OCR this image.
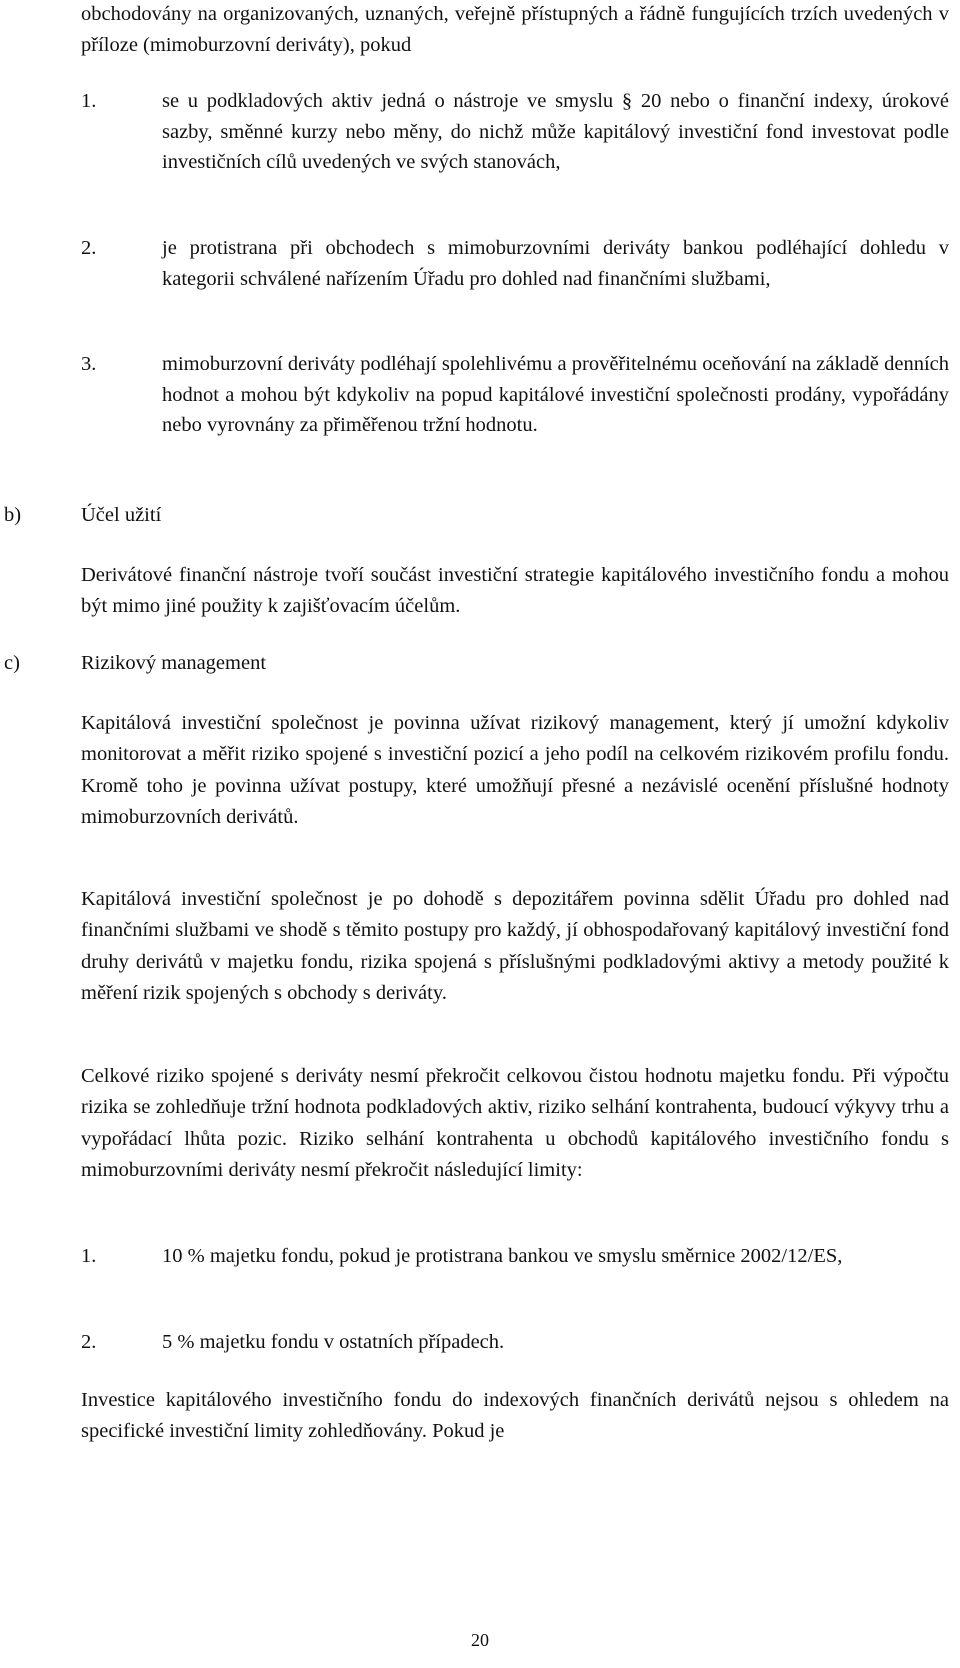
obchodovány na organizovaných, uznaných, veřejně přístupných a řádně fungujících trzích uvedených v příloze (mimoburzovní deriváty), pokud

1.	se u podkladových aktiv jedná o nástroje ve smyslu § 20 nebo o finanční indexy, úrokové sazby, směnné kurzy nebo měny, do nichž může kapitálový investiční fond investovat podle investičních cílů uvedených ve svých stanovách,

2.	je protistrana při obchodech s mimoburzovními deriváty bankou podléhající dohledu v kategorii schválené nařízením Úřadu pro dohled nad finančními službami,

3.	mimoburzovní deriváty podléhají spolehlivému a prověřitelnému oceňování na základě denních hodnot a mohou být kdykoliv na popud kapitálové investiční společnosti prodány, vypořádány nebo vyrovnány za přiměřenou tržní hodnotu.

b)	Účel užití

Derivátové finanční nástroje tvoří součást investiční strategie kapitálového investičního fondu a mohou být mimo jiné použity k zajišťovacím účelům.

c)	Rizikový management

Kapitálová investiční společnost je povinna užívat rizikový management, který jí umožní kdykoliv monitorovat a měřit riziko spojené s investiční pozicí a jeho podíl na celkovém rizikovém profilu fondu. Kromě toho je povinna užívat postupy, které umožňují přesné a nezávislé ocenění příslušné hodnoty mimoburzovních derivátů.

Kapitálová investiční společnost je po dohodě s depozitářem povinna sdělit Úřadu pro dohled nad finančními službami ve shodě s těmito postupy pro každý, jí obhospodařovaný kapitálový investiční fond druhy derivátů v majetku fondu, rizika spojená s příslušnými podkladovými aktivy a metody použité k měření rizik spojených s obchody s deriváty.

Celkové riziko spojené s deriváty nesmí překročit celkovou čistou hodnotu majetku fondu. Při výpočtu rizika se zohledňuje tržní hodnota podkladových aktiv, riziko selhání kontrahenta, budoucí výkyvy trhu a vypořádací lhůta pozic. Riziko selhání kontrahenta u obchodů kapitálového investičního fondu s mimoburzovními deriváty nesmí překročit následující limity:

1.	10 % majetku fondu, pokud je protistrana bankou ve smyslu směrnice 2002/12/ES,

2.	5 % majetku fondu v ostatních případech.

Investice kapitálového investičního fondu do indexových finančních derivátů nejsou s ohledem na specifické investiční limity zohledňovány. Pokud je

20
